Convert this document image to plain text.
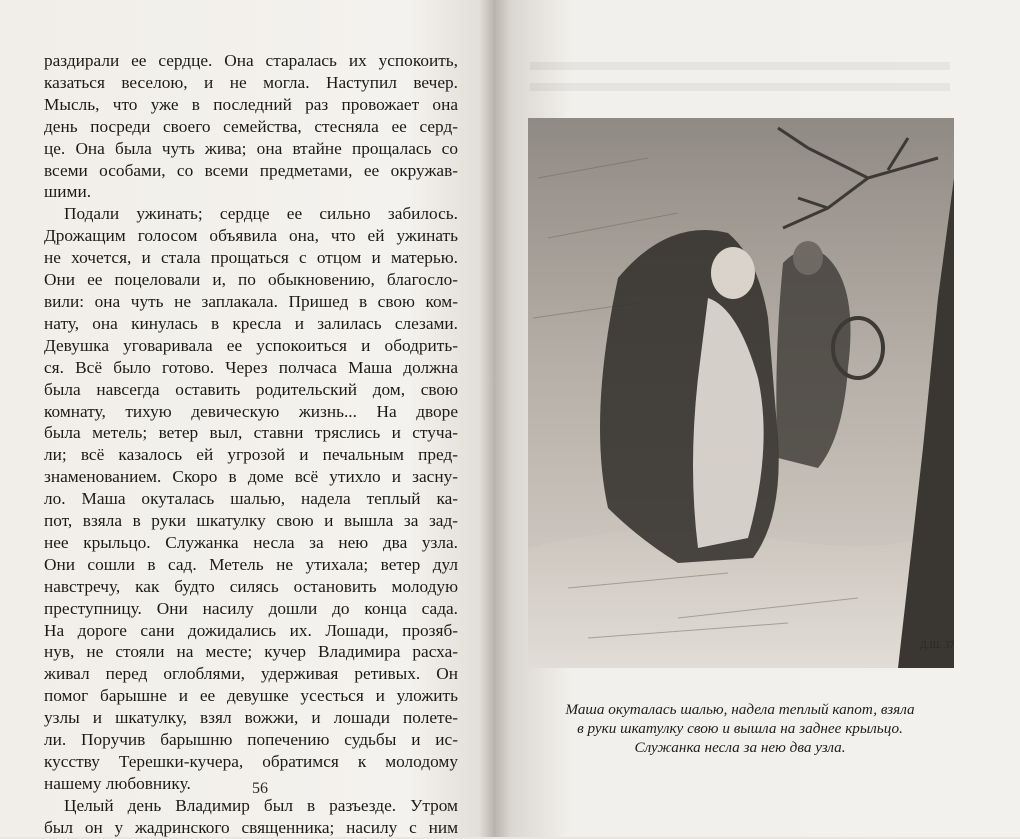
раздирали ее сердце. Она старалась их успокоить,
казаться веселою, и не могла. Наступил вечер.
Мысль, что уже в последний раз провожает она
день посреди своего семейства, стесняла ее серд-
це. Она была чуть жива; она втайне прощалась со
всеми особами, со всеми предметами, ее окружав-
шими.
Подали ужинать; сердце ее сильно забилось.
Дрожащим голосом объявила она, что ей ужинать
не хочется, и стала прощаться с отцом и матерью.
Они ее поцеловали и, по обыкновению, благосло-
вили: она чуть не заплакала. Пришед в свою ком-
нату, она кинулась в кресла и залилась слезами.
Девушка уговаривала ее успокоиться и ободрить-
ся. Всё было готово. Через полчаса Маша должна
была навсегда оставить родительский дом, свою
комнату, тихую девическую жизнь... На дворе
была метель; ветер выл, ставни тряслись и стуча-
ли; всё казалось ей угрозой и печальным пред-
знаменованием. Скоро в доме всё утихло и засну-
ло. Маша окуталась шалью, надела теплый ка-
пот, взяла в руки шкатулку свою и вышла за зад-
нее крыльцо. Служанка несла за нею два узла.
Они сошли в сад. Метель не утихала; ветер дул
навстречу, как будто силясь остановить молодую
преступницу. Они насилу дошли до конца сада.
На дороге сани дожидались их. Лошади, прозяб-
нув, не стояли на месте; кучер Владимира расха-
живал перед оглоблями, удерживая ретивых. Он
помог барышне и ее девушке усесться и уложить
узлы и шкатулку, взял вожжи, и лошади полете-
ли. Поручив барышню попечению судьбы и ис-
кусству Терешки-кучера, обратимся к молодому
нашему любовнику.
Целый день Владимир был в разъезде. Утром
был он у жадринского священника; насилу с ним
56
Д.Ш. 37
Маша окуталась шалью, надела теплый капот, взяла
в руки шкатулку свою и вышла на заднее крыльцо.
Служанка несла за нею два узла.
